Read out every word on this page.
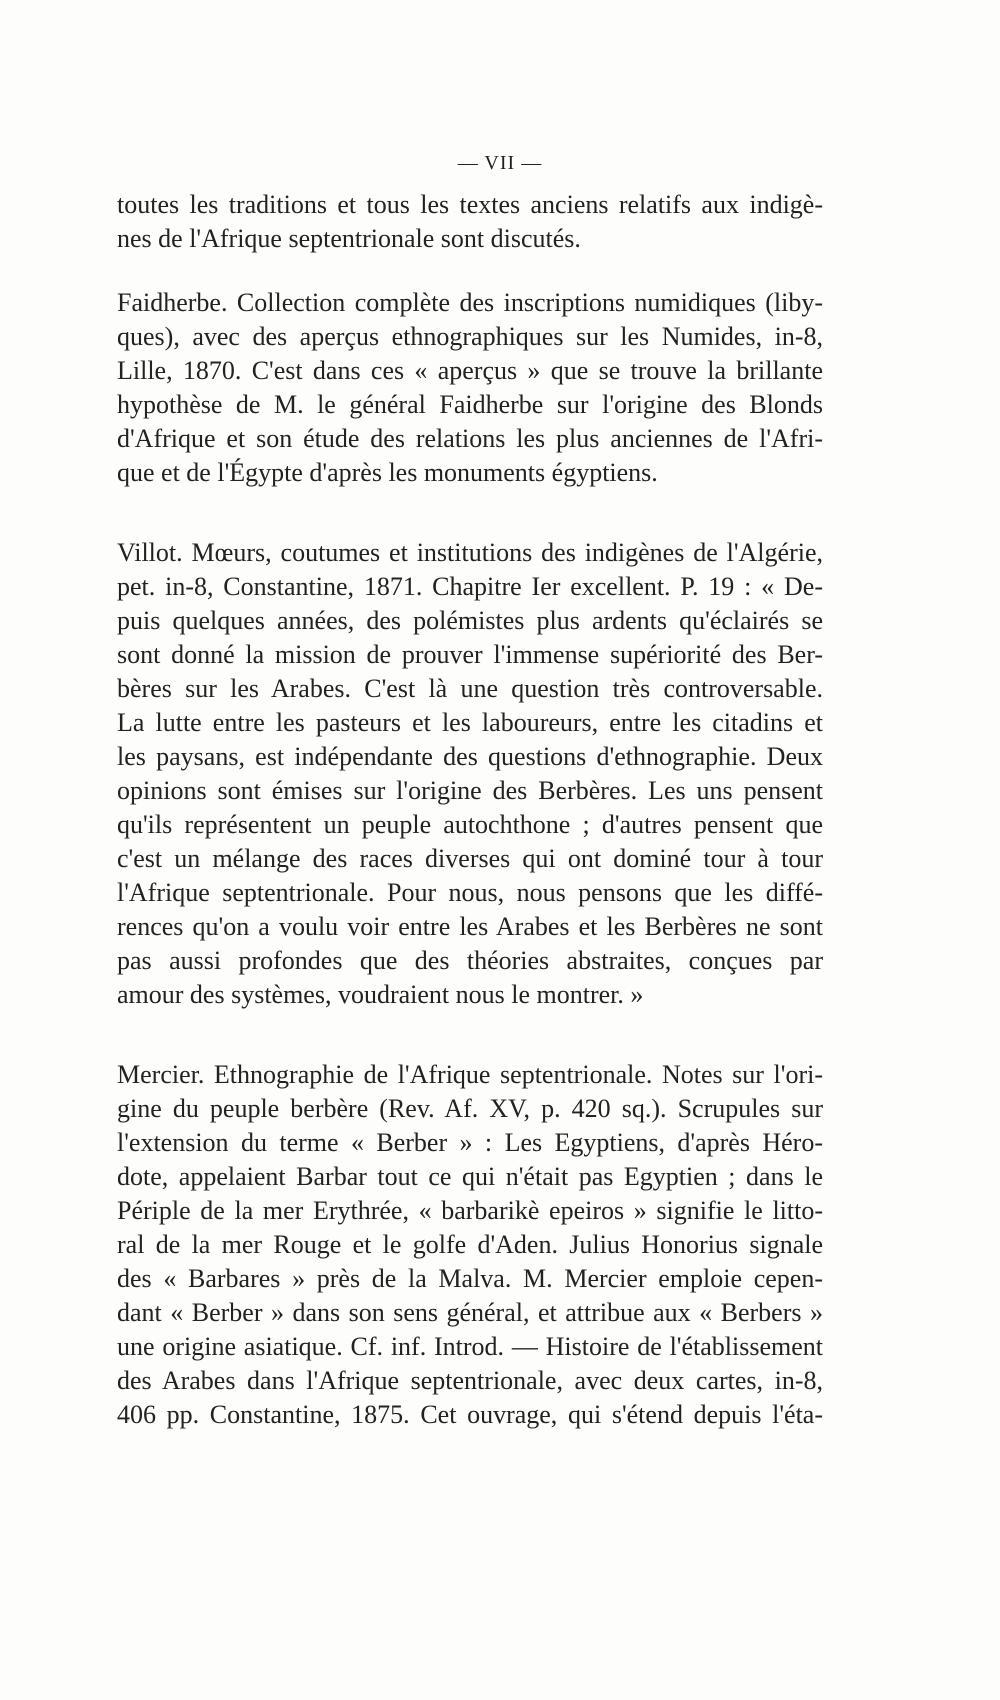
— VII —
toutes les traditions et tous les textes anciens relatifs aux indigè-
nes de l'Afrique septentrionale sont discutés.
Faidherbe. Collection complète des inscriptions numidiques (liby-
ques), avec des aperçus ethnographiques sur les Numides, in-8,
Lille, 1870. C'est dans ces « aperçus » que se trouve la brillante
hypothèse de M. le général Faidherbe sur l'origine des Blonds
d'Afrique et son étude des relations les plus anciennes de l'Afri-
que et de l'Égypte d'après les monuments égyptiens.
Villot. Mœurs, coutumes et institutions des indigènes de l'Algérie,
pet. in-8, Constantine, 1871. Chapitre Ier excellent. P. 19 : « De-
puis quelques années, des polémistes plus ardents qu'éclairés se
sont donné la mission de prouver l'immense supériorité des Ber-
bères sur les Arabes. C'est là une question très controversable.
La lutte entre les pasteurs et les laboureurs, entre les citadins et
les paysans, est indépendante des questions d'ethnographie. Deux
opinions sont émises sur l'origine des Berbères. Les uns pensent
qu'ils représentent un peuple autochthone ; d'autres pensent que
c'est un mélange des races diverses qui ont dominé tour à tour
l'Afrique septentrionale. Pour nous, nous pensons que les diffé-
rences qu'on a voulu voir entre les Arabes et les Berbères ne sont
pas aussi profondes que des théories abstraites, conçues par
amour des systèmes, voudraient nous le montrer. »
Mercier. Ethnographie de l'Afrique septentrionale. Notes sur l'ori-
gine du peuple berbère (Rev. Af. XV, p. 420 sq.). Scrupules sur
l'extension du terme « Berber » : Les Egyptiens, d'après Héro-
dote, appelaient Barbar tout ce qui n'était pas Egyptien ; dans le
Périple de la mer Erythrée, « barbarikè epeiros » signifie le litto-
ral de la mer Rouge et le golfe d'Aden. Julius Honorius signale
des « Barbares » près de la Malva. M. Mercier emploie cepen-
dant « Berber » dans son sens général, et attribue aux « Berbers »
une origine asiatique. Cf. inf. Introd. — Histoire de l'établissement
des Arabes dans l'Afrique septentrionale, avec deux cartes, in-8,
406 pp. Constantine, 1875. Cet ouvrage, qui s'étend depuis l'éta-
